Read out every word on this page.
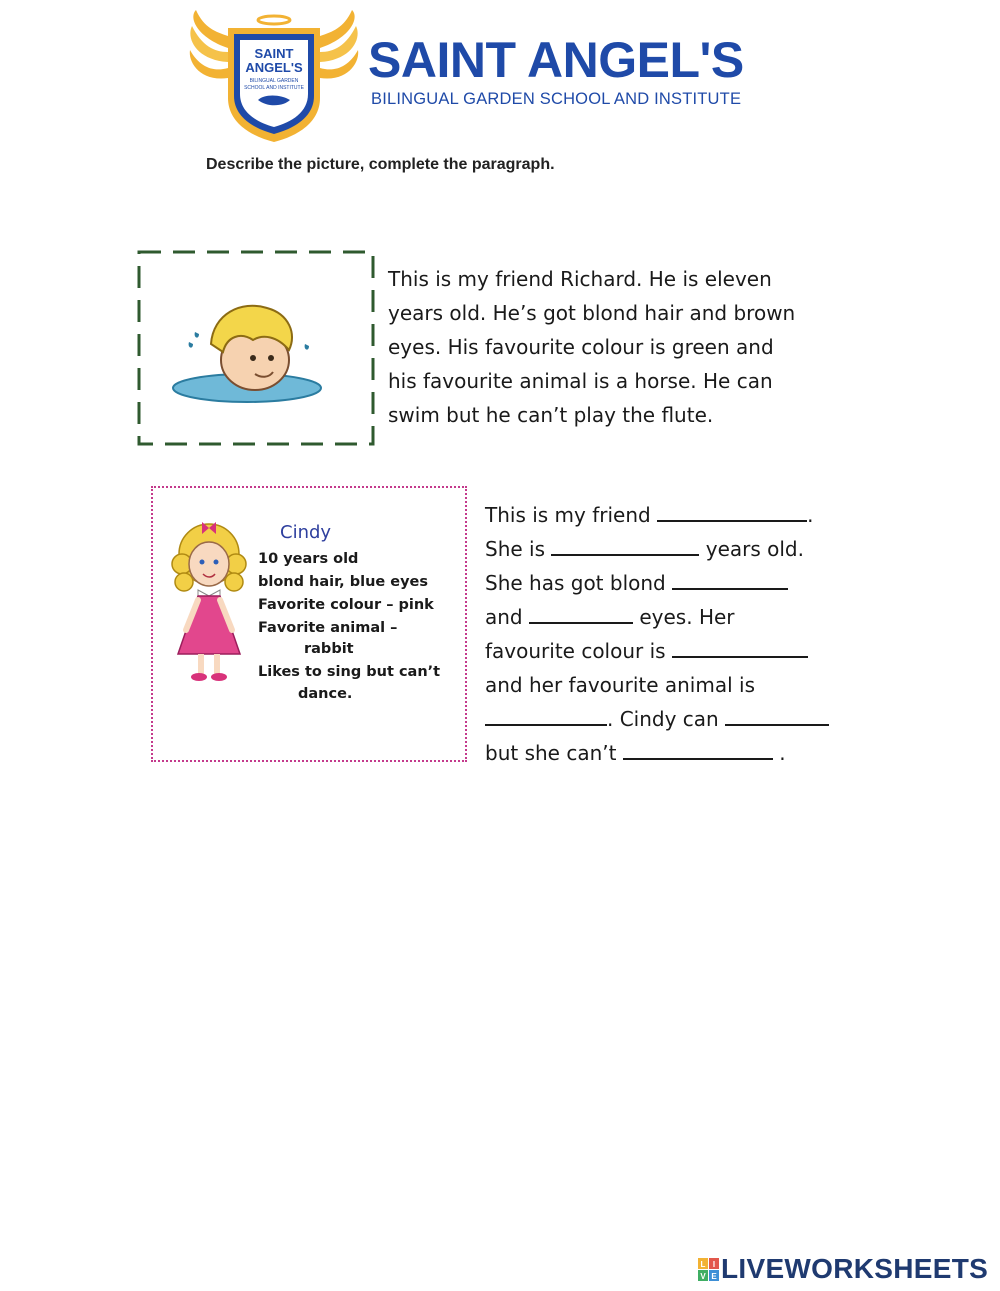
SAINT
ANGEL'S
BILINGUAL GARDEN
SCHOOL AND INSTITUTE SAINT ANGEL'S
BILINGUAL GARDEN SCHOOL AND INSTITUTE
Describe the picture, complete the paragraph.
This is my friend Richard. He is eleven
years old. He’s got blond hair and brown
eyes. His favourite colour is green and
his favourite animal is a horse. He can
swim but he can’t play the flute.
Cindy
10 years old
blond hair, blue eyes
Favorite colour – pink
Favorite animal –
rabbit
Likes to sing but can’t
dance.
This is my friend	.
She is	years old.
She has got blond
and	eyes. Her
favourite colour is
and her favourite animal is
. Cindy can
but she can’t	.
L I
V E LIVEWORKSHEETS
